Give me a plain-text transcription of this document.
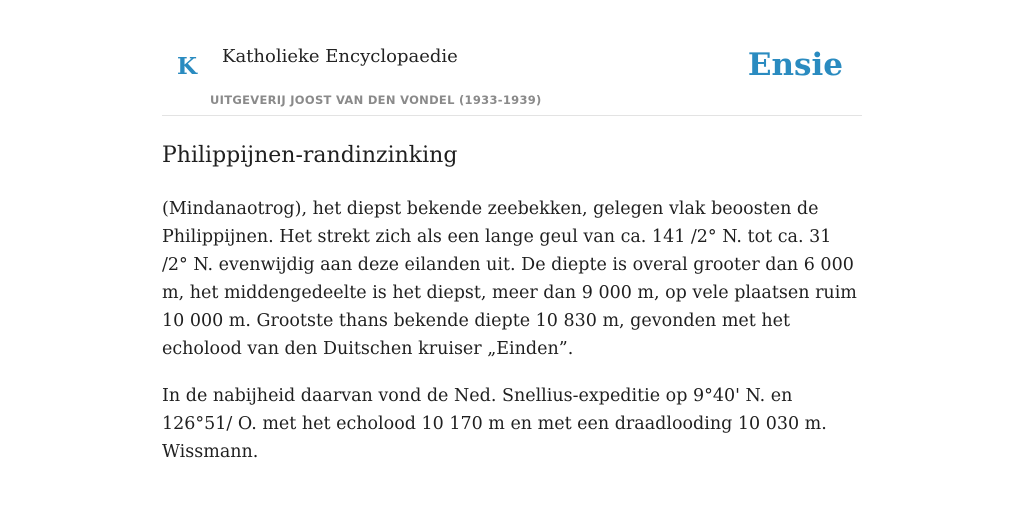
K Katholieke Encyclopaedie
UITGEVERIJ JOOST VAN DEN VONDEL (1933-1939)
Ensie
Philippijnen-randinzinking

(Mindanaotrog), het diepst bekende zeebekken, gelegen vlak beoosten de Philippijnen. Het strekt zich als een lange geul van ca. 141 /2° N. tot ca. 31 /2° N. evenwijdig aan deze eilanden uit. De diepte is overal grooter dan 6 000 m, het middengedeelte is het diepst, meer dan 9 000 m, op vele plaatsen ruim 10 000 m. Grootste thans bekende diepte 10 830 m, gevonden met het echolood van den Duitschen kruiser „Einden”.

In de nabijheid daarvan vond de Ned. Snellius-expeditie op 9°40' N. en 126°51/ O. met het echolood 10 170 m en met een draadlooding 10 030 m. Wissmann.
